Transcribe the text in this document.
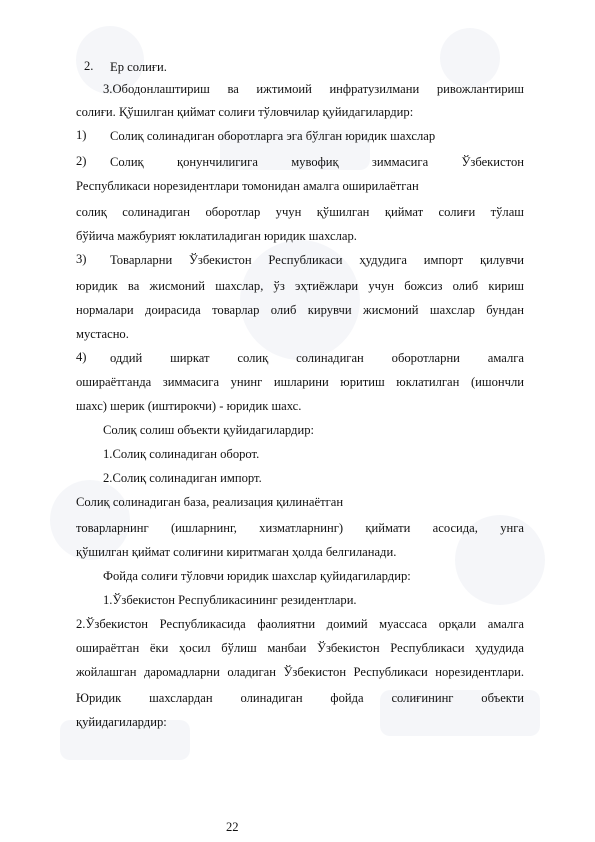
2. Ер солиғи.
3.Ободонлаштириш ва ижтимоий инфратузилмани ривожлантириш
солиғи. Қўшилган қиймат солиғи тўловчилар қуйидагилардир:
1) Солиқ солинадиган оборотларга эга бўлган юридик шахслар
2) Солиқ қонунчилигига мувофиқ зиммасига Ўзбекистон
Республикаси норезидентлари томонидан амалга оширилаётган
солиқ солинадиган оборотлар учун қўшилган қиймат солиғи тўлаш
бўйича мажбурият юклатиладиган юридик шахслар.
3) Товарларни Ўзбекистон Республикаси ҳудудига импорт қилувчи
юридик ва жисмоний шахслар, ўз эҳтиёжлари учун божсиз олиб кириш
нормалари доирасида товарлар олиб кирувчи жисмоний шахслар бундан
мустасно.
4) оддий ширкат солиқ солинадиган оборотларни амалга
оширaётганда зиммасига унинг ишларини юритиш юклатилган (ишончли
шахс) шерик (иштирокчи) - юридик шахс.
Солиқ солиш объекти қуйидагилардир:
1.Солиқ солинадиган оборот.
2.Солиқ солинадиган импорт.
Солиқ солинадиган база, реализация қилинаётган
товарларнинг (ишларнинг, хизматларнинг) қиймати асосида, унга
қўшилган қиймат солиғини киритмаган ҳолда белгиланади.
Фойда солиғи тўловчи юридик шахслар қуйидагилардир:
1.Ўзбекистон Республикасининг резидентлари.
2.Ўзбекистон Республикасида фаолиятни доимий муассаса орқали амалга
оширaётган ёки ҳосил бўлиш манбаи Ўзбекистон Республикаси ҳудудида
жойлашган даромадларни оладиган Ўзбекистон Республикаси норезидентлари.
Юридик шахслардан олинадиган фойда солиғининг объекти
қуйидагилардир:
22
